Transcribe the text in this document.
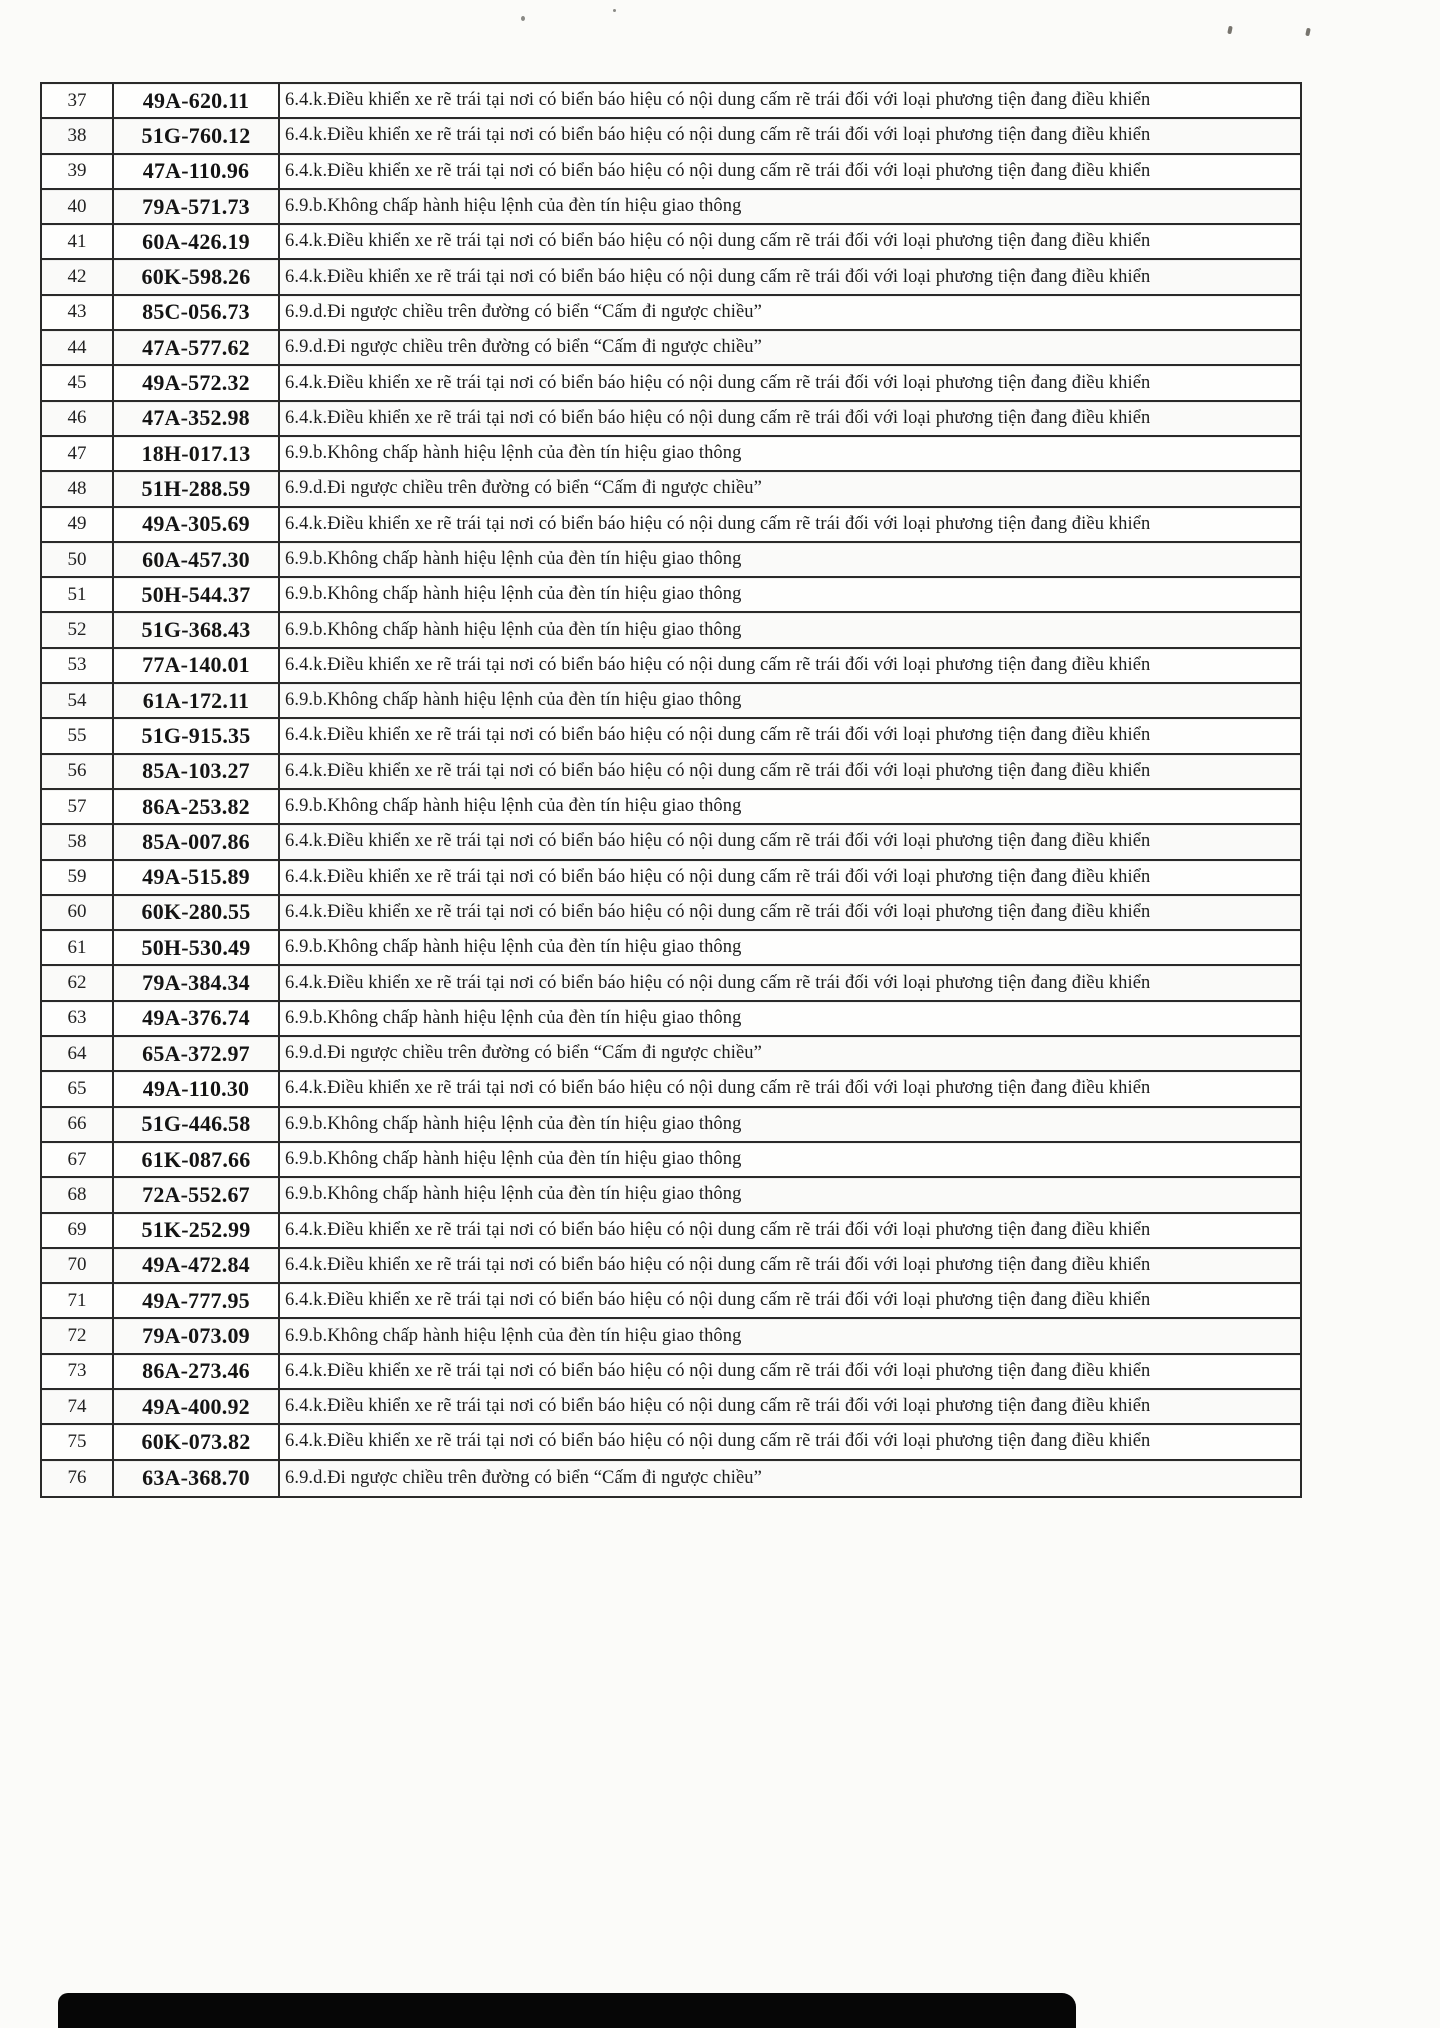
37	49A-620.11	6.4.k.Điều khiển xe rẽ trái tại nơi có biển báo hiệu có nội dung cấm rẽ trái đối với loại phương tiện đang điều khiển
38	51G-760.12	6.4.k.Điều khiển xe rẽ trái tại nơi có biển báo hiệu có nội dung cấm rẽ trái đối với loại phương tiện đang điều khiển
39	47A-110.96	6.4.k.Điều khiển xe rẽ trái tại nơi có biển báo hiệu có nội dung cấm rẽ trái đối với loại phương tiện đang điều khiển
40	79A-571.73	6.9.b.Không chấp hành hiệu lệnh của đèn tín hiệu giao thông
41	60A-426.19	6.4.k.Điều khiển xe rẽ trái tại nơi có biển báo hiệu có nội dung cấm rẽ trái đối với loại phương tiện đang điều khiển
42	60K-598.26	6.4.k.Điều khiển xe rẽ trái tại nơi có biển báo hiệu có nội dung cấm rẽ trái đối với loại phương tiện đang điều khiển
43	85C-056.73	6.9.d.Đi ngược chiều trên đường có biển “Cấm đi ngược chiều”
44	47A-577.62	6.9.d.Đi ngược chiều trên đường có biển “Cấm đi ngược chiều”
45	49A-572.32	6.4.k.Điều khiển xe rẽ trái tại nơi có biển báo hiệu có nội dung cấm rẽ trái đối với loại phương tiện đang điều khiển
46	47A-352.98	6.4.k.Điều khiển xe rẽ trái tại nơi có biển báo hiệu có nội dung cấm rẽ trái đối với loại phương tiện đang điều khiển
47	18H-017.13	6.9.b.Không chấp hành hiệu lệnh của đèn tín hiệu giao thông
48	51H-288.59	6.9.d.Đi ngược chiều trên đường có biển “Cấm đi ngược chiều”
49	49A-305.69	6.4.k.Điều khiển xe rẽ trái tại nơi có biển báo hiệu có nội dung cấm rẽ trái đối với loại phương tiện đang điều khiển
50	60A-457.30	6.9.b.Không chấp hành hiệu lệnh của đèn tín hiệu giao thông
51	50H-544.37	6.9.b.Không chấp hành hiệu lệnh của đèn tín hiệu giao thông
52	51G-368.43	6.9.b.Không chấp hành hiệu lệnh của đèn tín hiệu giao thông
53	77A-140.01	6.4.k.Điều khiển xe rẽ trái tại nơi có biển báo hiệu có nội dung cấm rẽ trái đối với loại phương tiện đang điều khiển
54	61A-172.11	6.9.b.Không chấp hành hiệu lệnh của đèn tín hiệu giao thông
55	51G-915.35	6.4.k.Điều khiển xe rẽ trái tại nơi có biển báo hiệu có nội dung cấm rẽ trái đối với loại phương tiện đang điều khiển
56	85A-103.27	6.4.k.Điều khiển xe rẽ trái tại nơi có biển báo hiệu có nội dung cấm rẽ trái đối với loại phương tiện đang điều khiển
57	86A-253.82	6.9.b.Không chấp hành hiệu lệnh của đèn tín hiệu giao thông
58	85A-007.86	6.4.k.Điều khiển xe rẽ trái tại nơi có biển báo hiệu có nội dung cấm rẽ trái đối với loại phương tiện đang điều khiển
59	49A-515.89	6.4.k.Điều khiển xe rẽ trái tại nơi có biển báo hiệu có nội dung cấm rẽ trái đối với loại phương tiện đang điều khiển
60	60K-280.55	6.4.k.Điều khiển xe rẽ trái tại nơi có biển báo hiệu có nội dung cấm rẽ trái đối với loại phương tiện đang điều khiển
61	50H-530.49	6.9.b.Không chấp hành hiệu lệnh của đèn tín hiệu giao thông
62	79A-384.34	6.4.k.Điều khiển xe rẽ trái tại nơi có biển báo hiệu có nội dung cấm rẽ trái đối với loại phương tiện đang điều khiển
63	49A-376.74	6.9.b.Không chấp hành hiệu lệnh của đèn tín hiệu giao thông
64	65A-372.97	6.9.d.Đi ngược chiều trên đường có biển “Cấm đi ngược chiều”
65	49A-110.30	6.4.k.Điều khiển xe rẽ trái tại nơi có biển báo hiệu có nội dung cấm rẽ trái đối với loại phương tiện đang điều khiển
66	51G-446.58	6.9.b.Không chấp hành hiệu lệnh của đèn tín hiệu giao thông
67	61K-087.66	6.9.b.Không chấp hành hiệu lệnh của đèn tín hiệu giao thông
68	72A-552.67	6.9.b.Không chấp hành hiệu lệnh của đèn tín hiệu giao thông
69	51K-252.99	6.4.k.Điều khiển xe rẽ trái tại nơi có biển báo hiệu có nội dung cấm rẽ trái đối với loại phương tiện đang điều khiển
70	49A-472.84	6.4.k.Điều khiển xe rẽ trái tại nơi có biển báo hiệu có nội dung cấm rẽ trái đối với loại phương tiện đang điều khiển
71	49A-777.95	6.4.k.Điều khiển xe rẽ trái tại nơi có biển báo hiệu có nội dung cấm rẽ trái đối với loại phương tiện đang điều khiển
72	79A-073.09	6.9.b.Không chấp hành hiệu lệnh của đèn tín hiệu giao thông
73	86A-273.46	6.4.k.Điều khiển xe rẽ trái tại nơi có biển báo hiệu có nội dung cấm rẽ trái đối với loại phương tiện đang điều khiển
74	49A-400.92	6.4.k.Điều khiển xe rẽ trái tại nơi có biển báo hiệu có nội dung cấm rẽ trái đối với loại phương tiện đang điều khiển
75	60K-073.82	6.4.k.Điều khiển xe rẽ trái tại nơi có biển báo hiệu có nội dung cấm rẽ trái đối với loại phương tiện đang điều khiển
76	63A-368.70	6.9.d.Đi ngược chiều trên đường có biển “Cấm đi ngược chiều”
